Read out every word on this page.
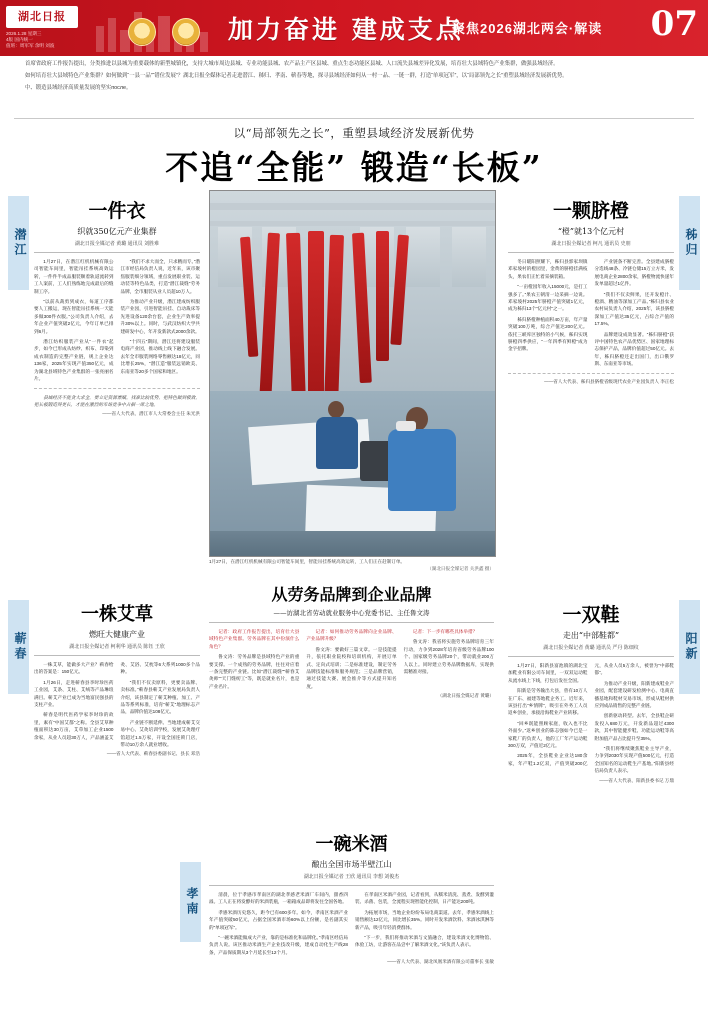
湖北日报
2026.1.28 星期三
4版 国内统一
值班：周军军 余明 刘波
加力奋进 建成支点
聚焦2026湖北两会·解读 07

首席省政府工作报告提出，分类推进以县城为重要载体的新型城镇化，支持大城市周边县城、专业功能县城、农产品主产区县城、重点生态功能区县城、人口流失县城差异化发展，培育壮大县域特色产业集群，做强县域经济。

如何培育壮大县域特色产业集群？如何做到“一县一品”“错位发展”？湖北日报全媒体记者走进潜江、秭归、孝南、蕲春等地，探寻县域经济如何从一村一品、一链一群，打造“单项冠军”，以“局部领先之长”重塑县域经济发展新优势。

中、锻造县域经济高质量发展的坚实после。

以“局部领先之长”，重塑县域经济发展新优势
不追“全能” 锻造“长板”
1月27日，在潜江红机机械有限公司智能车间里，智能吊挂系统高效运转，工人们正在赶制订单。
（湖北日报全媒记者 关洪鑫 摄）
潜江
一件衣
织就350亿元产业集群
湖北日报全媒记者 黄璐 通讯员 刘胜难

1月27日，在潜江红机机械有限公司智能车间里，智能吊挂系统高效运转，一件件半成品服装顺着轨道流转到工人案前，工人们熟练地完成最后的缝制工序。

“以前从裁剪到成衣，每道工序都要人工搬运，现在智能吊挂系统一天能多做300件衣服。”公司负责人介绍，去年企业产值突破2亿元，今年订单已排到6月。

潜江纺织服装产业从“一件衣”起步，如今已形成从纺纱、织布、印染到成衣制造的完整产业链，规上企业达136家，2025年实现产值350亿元，成为湖北县域特色产业集群的一张亮丽名片。

“我们不求大而全，只求精而专。”潜江市经信局负责人说，近年来，该市聚焦服装细分领域，重点发展职业装、运动装等特色品类，打造“潜江裁缝”劳务品牌，全市服装从业人员超10万人。

为推动产业升级，潜江建成纺织服装产业园，引进智能吊挂、自动裁床等先进设备120余台套，企业生产效率提升30%以上。同时，与武汉纺织大学共建研发中心，年开发新款式2000余款。

“十四五”期间，潜江还将建设服装电商产业园，推动线上线下融合发展。去年全市服装网络零售额达18亿元，同比增长25%，“潜江造”服装远销欧美、东南亚等20多个国家和地区。

县域经济不能贪大求全，要立足资源禀赋，找准比较优势，把特色做到极致，把长板锻造得更长，才能在激烈的市场竞争中占据一席之地。

——省人大代表、潜江市人大常委会主任 朱光洪
蕲春
一株艾草
燃旺大健康产业
湖北日报全媒记者 柯利华 通讯员 陈钰 王欣

一株艾草，能做多大产业？蕲春给出的答案是：150亿元。

1月26日，走进蕲春县李时珍医药工业园，艾条、艾柱、艾绒等产品琳琅满目。蕲艾产业已成为当地富民强县的支柱产业。

蕲春是明代医药学家李时珍的故里，素有“中国艾都”之称。全县艾草种植面积达30万亩，艾草加工企业1500余家，从业人员超30万人，产品涵盖艾灸、艾浴、艾枕等6大系列1000多个品种。

“我们不仅卖原料，更要卖品牌、卖标准。”蕲春县蕲艾产业发展局负责人介绍，该县制定了蕲艾种植、加工、产品等系列标准，培育“蕲艾”地理标志产品，品牌价值达108亿元。

产业链不断延伸。当地建成蕲艾交易中心、艾灸培训学校，发展艾灸理疗馆超过1.5万家，开设全国连锁门店，带动10万余人就业增收。

——省人大代表、蕲春县委副书记、县长 邓浩
孝南
从劳务品牌到企业品牌
——访湖北省劳动就业服务中心党委书记、主任鲁文涛

记者：政府工作报告提出，培育壮大县域特色产业集群。劳务品牌在其中扮演什么角色？

鲁文涛：劳务品牌是县域特色产业的重要支撑。一个成熟的劳务品牌，往往对应着一条完整的产业链。比如“潜江裁缝”“蕲春艾灸师”“天门缝纫工”等，既是就业名片，也是产业名片。

记者：如何推动劳务品牌向企业品牌、产业品牌升级？

鲁文涛：要做好三篇文章。一是技能提升，依托职业院校和培训机构，开展订单式、定向式培训；二是标准建设，制定劳务品牌技能标准和服务规范；三是品牌营销，通过技能大赛、展会推介等方式提升知名度。

记者：下一步有哪些具体举措？

鲁文涛：我省将实施劳务品牌培育三年行动，力争到2028年培育省级劳务品牌100个、国家级劳务品牌20个，带动就业200万人以上。同时建立劳务品牌数据库，实现供需精准对接。

（湖北日报全媒记者 黄璐）
一碗米酒
酿出全国市场半壁江山
湖北日报全媒记者 王欣 通讯员 李想 刘俊杰

清晨，位于孝感市孝南区的湖北孝感老米酒厂车间内，甜香四溢。工人正在将发酵好的米酒装瓶，一箱箱成品即将发往全国各地。

孝感米酒历史悠久，距今已有600多年。如今，孝南区米酒产业年产值突破50亿元，占据全国米酒市场60%以上份额，是名副其实的“单项冠军”。

“一碗米酒能做成大产业，靠的是标准化和品牌化。”孝南区经信局负责人说。该区推动米酒生产企业技改升级，建成自动化生产线28条，产品保质期从3个月延长至12个月。

在孝南区米酒产业园，记者看到，从糯米清洗、蒸煮、发酵到灌装、杀菌、包装，全流程实现智能化控制，日产能达200吨。

为拓展市场，当地企业纷纷布局电商渠道。去年，孝感米酒线上销售额达12亿元，同比增长35%。同时开发米酒饮料、米酒冰淇淋等新产品，吸引年轻消费群体。

“下一步，我们将推动米酒与文旅融合，建设米酒文化博物馆、体验工坊，让游客在品尝中了解米酒文化。”该负责人表示。

——省人大代表、湖北凤凰米酒有限公司董事长 张敏
秭归
一颗脐橙
“橙”就13个亿元村
湖北日报全媒记者 柯凡 通讯员 史朋

冬日暖阳照耀下，秭归县郭家坝镇邓家坡村的橙园里，金黄的脐橙挂满枝头，果农们正忙着采摘装箱。

“一亩橙园年收入15000元，是打工强多了。”果农王朝清一边采摘一边说。邓家坡村2025年脐橙产值突破1亿元，成为秭归13个“亿元村”之一。

秭归脐橙种植面积40万亩，年产量突破100万吨，综合产值达200亿元。依托三峡库区独特的小气候，秭归实现脐橙四季供应，“一年四季有鲜橙”成为金字招牌。

产业链条不断完善。全县建成脐橙分选线48条、冷链仓储15万立方米，发展电商企业2800余家，脐橙物流快递年发单量超过1亿件。

“我们不仅卖鲜果，还开发橙汁、橙酒、精油等深加工产品。”秭归县农业农村局负责人介绍，2025年，该县脐橙深加工产值达35亿元，占综合产值的17.5%。

品牌建设成效显著。“秭归脐橙”获评中国特色农产品优势区、国家地理标志保护产品，品牌价值超过50亿元。去年，秭归脐橙还走出国门，出口俄罗斯、东南亚等市场。

——省人大代表、秭归县脐橙省级现代农业产业园负责人 李正松
阳新
一双鞋
走出“中部鞋都”
湖北日报全媒记者 黄璐 通讯员 严丹 陈细纹

1月27日，阳新县富池镇的湖北宝加鞋业有限公司车间里，一双双运动鞋从流水线上下线，打包后发往全国。

阳新是劳务输出大县，曾有10万人在广东、福建等地鞋企务工。近年来，该县打出“乡情牌”，吸引在外务工人员返乡创业，承接沿海鞋业产业转移。

“回乡既能照顾家庭，收入也不比外面少。”返乡创业的陈志强如今已是一家鞋厂的负责人，他的工厂年产运动鞋300万双，产值近2亿元。

2025年，全县鞋业企业达180余家，年产鞋1.2亿双，产值突破200亿元，从业人员5万余人，被誉为“中部鞋都”。

为推动产业升级，阳新建成鞋业产业园，配套建设研发检测中心、电商直播基地和鞋材交易市场，形成从鞋材供应到成品销售的完整产业链。

创新驱动转型。去年，全县鞋企研发投入680万元，开发新品超过4300款，其中智能健步鞋、功能运动鞋等高附加值产品占比提升至35%。

“我们将继续聚焦鞋业主导产业，力争到2030年实现产值500亿元，打造全国知名的运动鞋生产基地。”阳新县经信局负责人表示。

——省人大代表、阳新县委书记 万鼎
